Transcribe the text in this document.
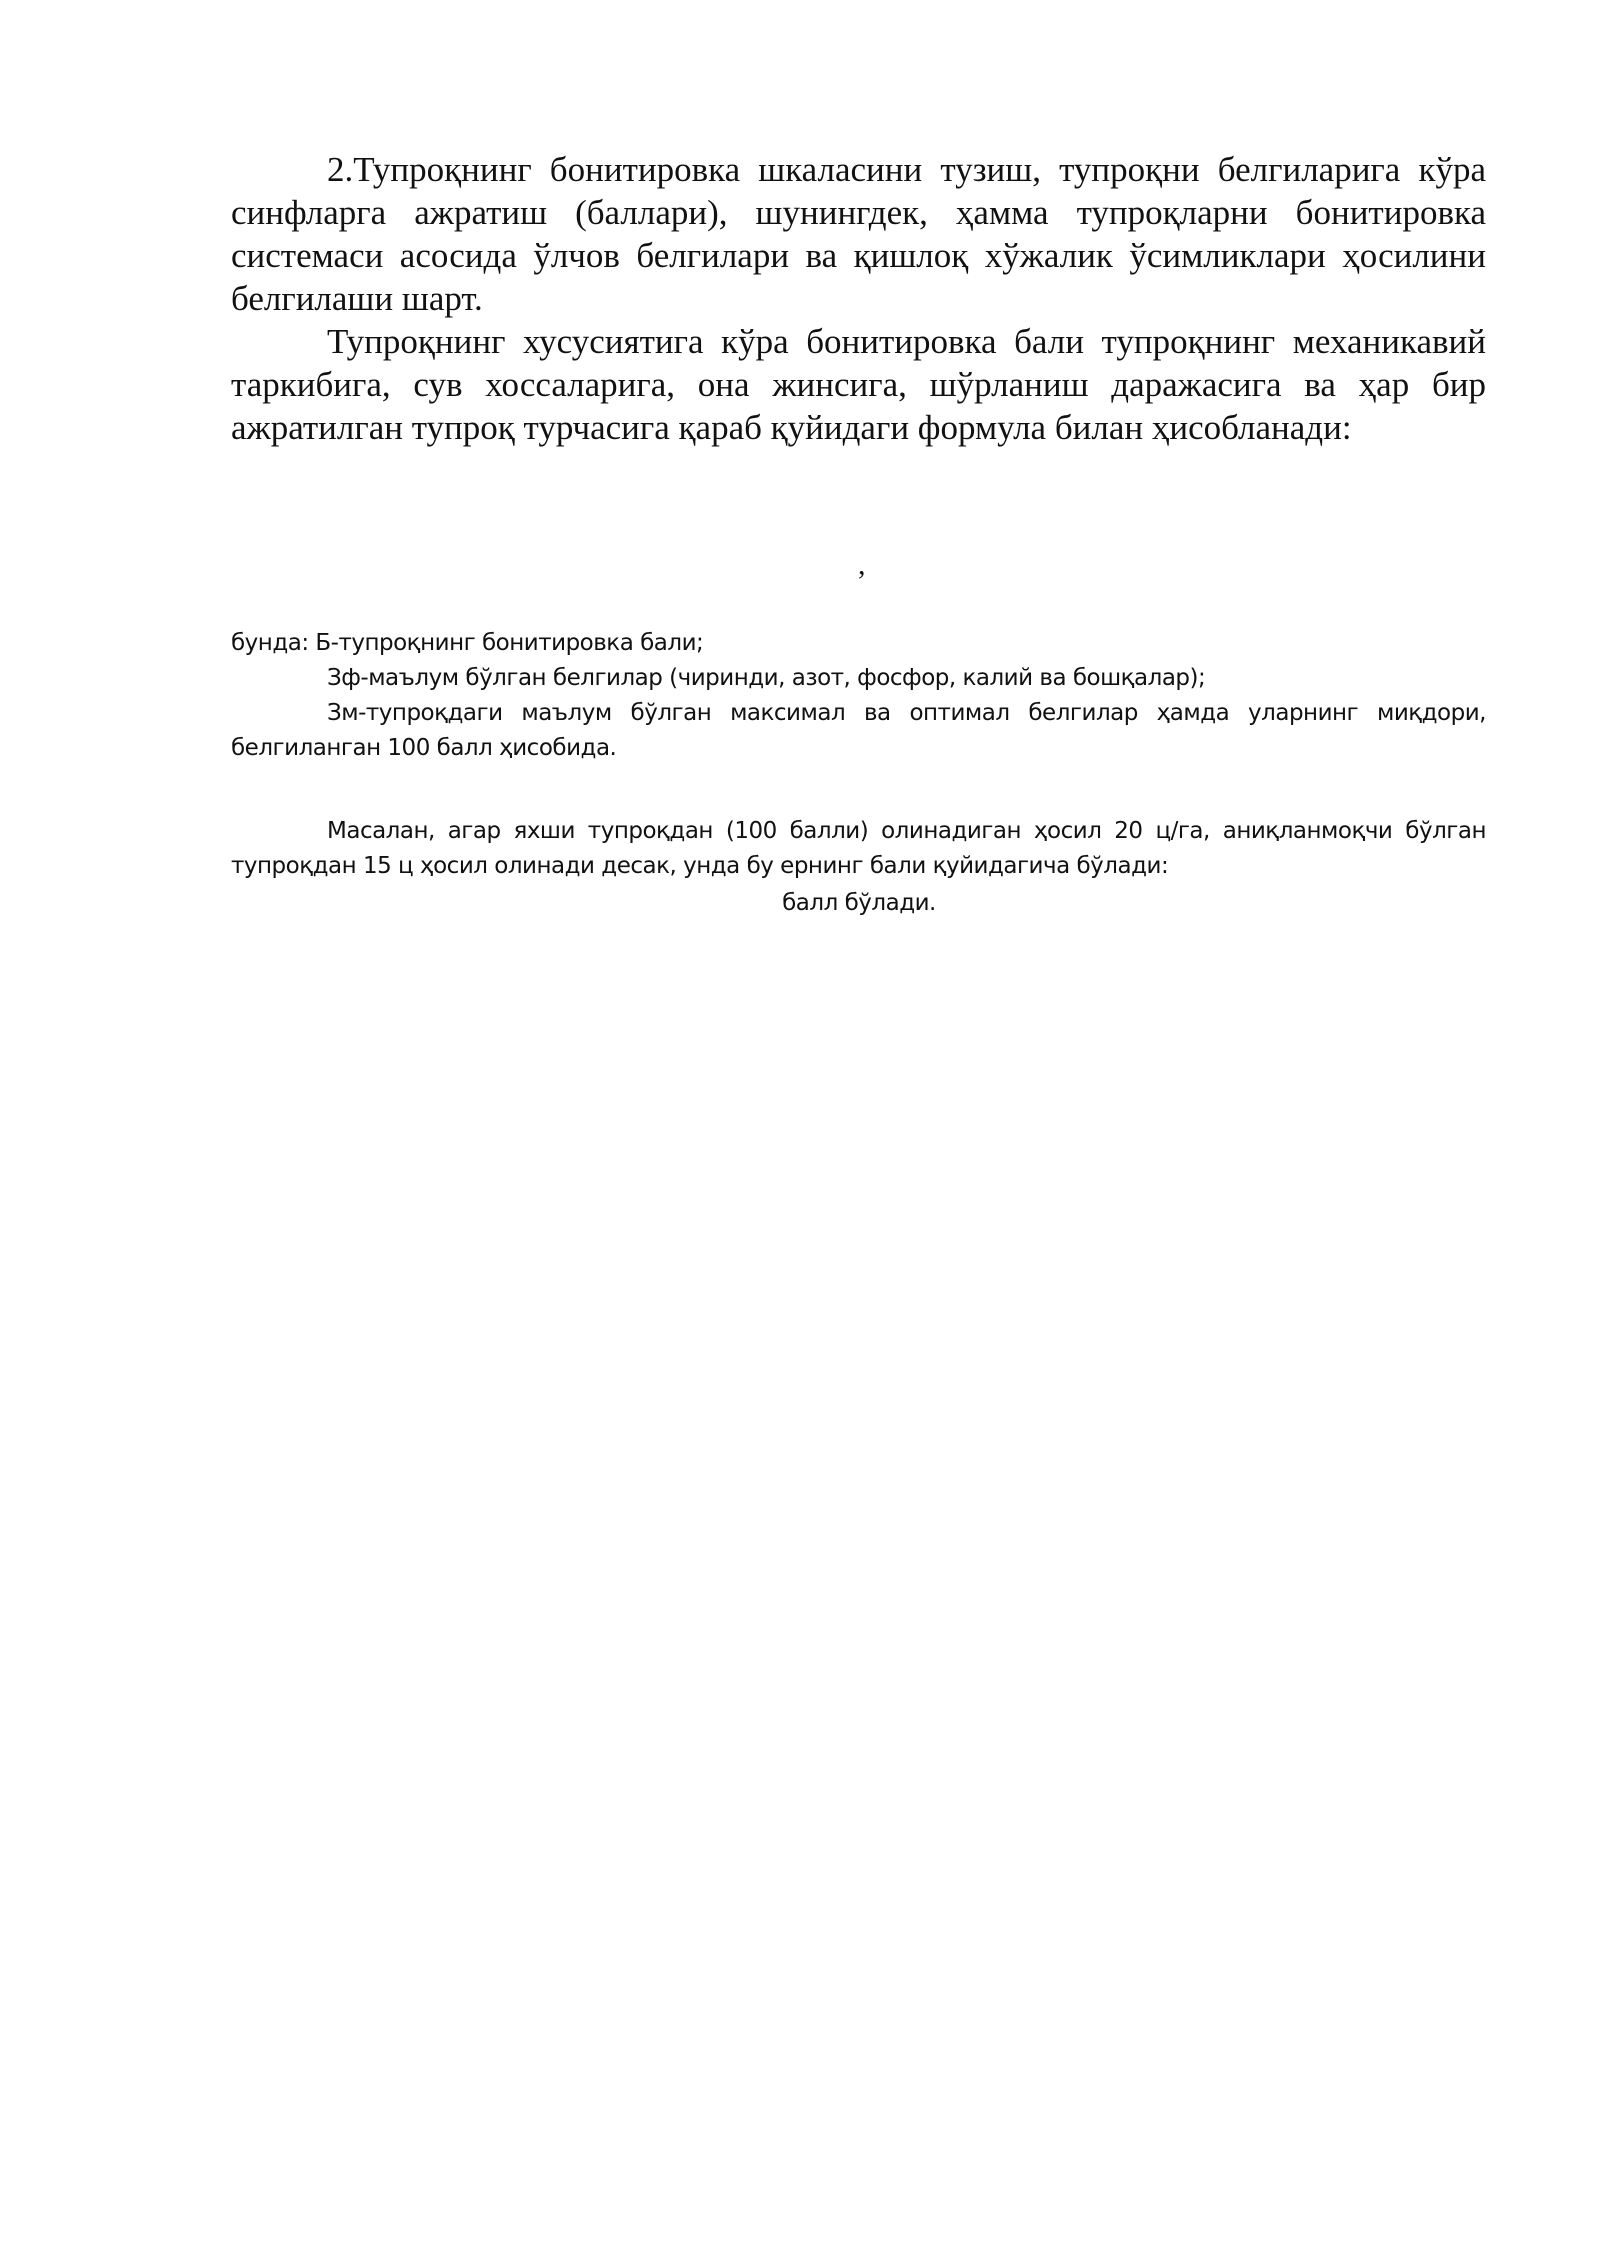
2.Тупроқнинг бонитировка шкаласини тузиш, тупроқни белгиларига кўра синфларга ажратиш (баллари), шунингдек, ҳамма тупроқларни бонитировка системаси асосида ўлчов белгилари ва қишлоқ хўжалик ўсимликлари ҳосилини белгилаши шарт.

Тупроқнинг хусусиятига кўра бонитировка бали тупроқнинг механикавий таркибига, сув хоссаларига, она жинсига, шўрланиш даражасига ва ҳар бир ажратилган тупроқ турчасига қараб қуйидаги формула билан ҳисобланади:

,

бунда: Б-тупроқнинг бонитировка бали;

Зф-маълум бўлган белгилар (чиринди, азот, фосфор, калий ва бошқалар);

Зм-тупроқдаги маълум бўлган максимал ва оптимал белгилар ҳамда уларнинг миқдори, белгиланган 100 балл ҳисобида.

Масалан, агар яхши тупроқдан (100 балли) олинадиган ҳосил 20 ц/га, аниқланмоқчи бўлган тупроқдан 15 ц ҳосил олинади десак, унда бу ернинг бали қуйидагича бўлади:

балл бўлади.
